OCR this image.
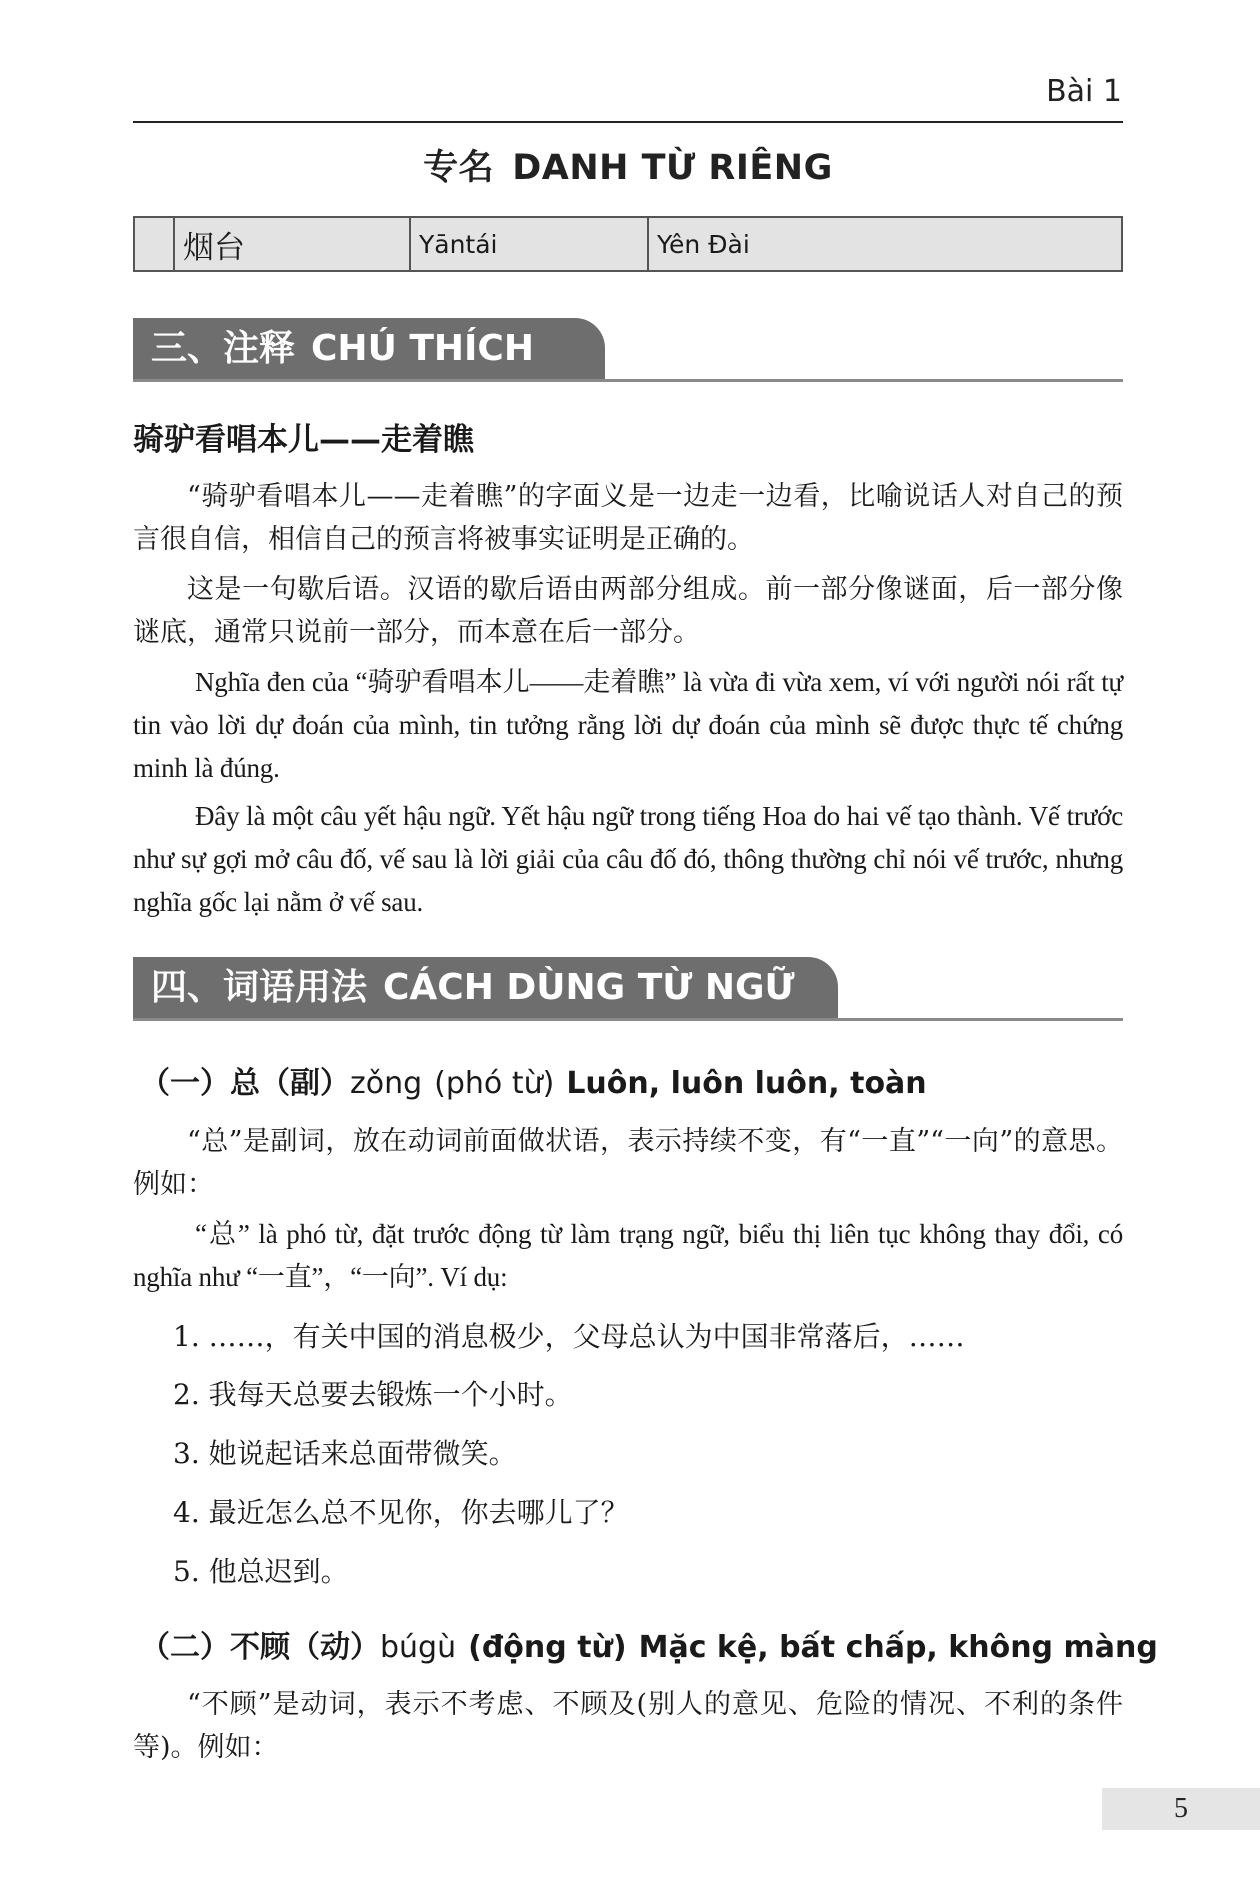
Bài 1
专名 DANH TỪ RIÊNG
	烟台	Yāntái	Yên Đài
三、注释 CHÚ THÍCH
骑驴看唱本儿——走着瞧

“骑驴看唱本儿——走着瞧”的字面义是一边走一边看，比喻说话人对自己的预言很自信，相信自己的预言将被事实证明是正确的。

这是一句歇后语。汉语的歇后语由两部分组成。前一部分像谜面，后一部分像谜底，通常只说前一部分，而本意在后一部分。

Nghĩa đen của “骑驴看唱本儿——走着瞧” là vừa đi vừa xem, ví với người nói rất tự tin vào lời dự đoán của mình, tin tưởng rằng lời dự đoán của mình sẽ được thực tế chứng minh là đúng.

Đây là một câu yết hậu ngữ. Yết hậu ngữ trong tiếng Hoa do hai vế tạo thành. Vế trước như sự gợi mở câu đố, vế sau là lời giải của câu đố đó, thông thường chỉ nói vế trước, nhưng nghĩa gốc lại nằm ở vế sau.

四、词语用法 CÁCH DÙNG TỪ NGỮ
（一）总（副）zǒng (phó từ) Luôn, luôn luôn, toàn

“总”是副词，放在动词前面做状语，表示持续不变，有“一直”“一向”的意思。例如：

“总” là phó từ, đặt trước động từ làm trạng ngữ, biểu thị liên tục không thay đổi, có nghĩa như “一直”，“一向”. Ví dụ:

1. ……，有关中国的消息极少，父母总认为中国非常落后，……

2. 我每天总要去锻炼一个小时。

3. 她说起话来总面带微笑。

4. 最近怎么总不见你，你去哪儿了？

5. 他总迟到。

（二）不顾（动）búgù (động từ) Mặc kệ, bất chấp, không màng

“不顾”是动词，表示不考虑、不顾及(别人的意见、危险的情况、不利的条件等)。例如：

5
